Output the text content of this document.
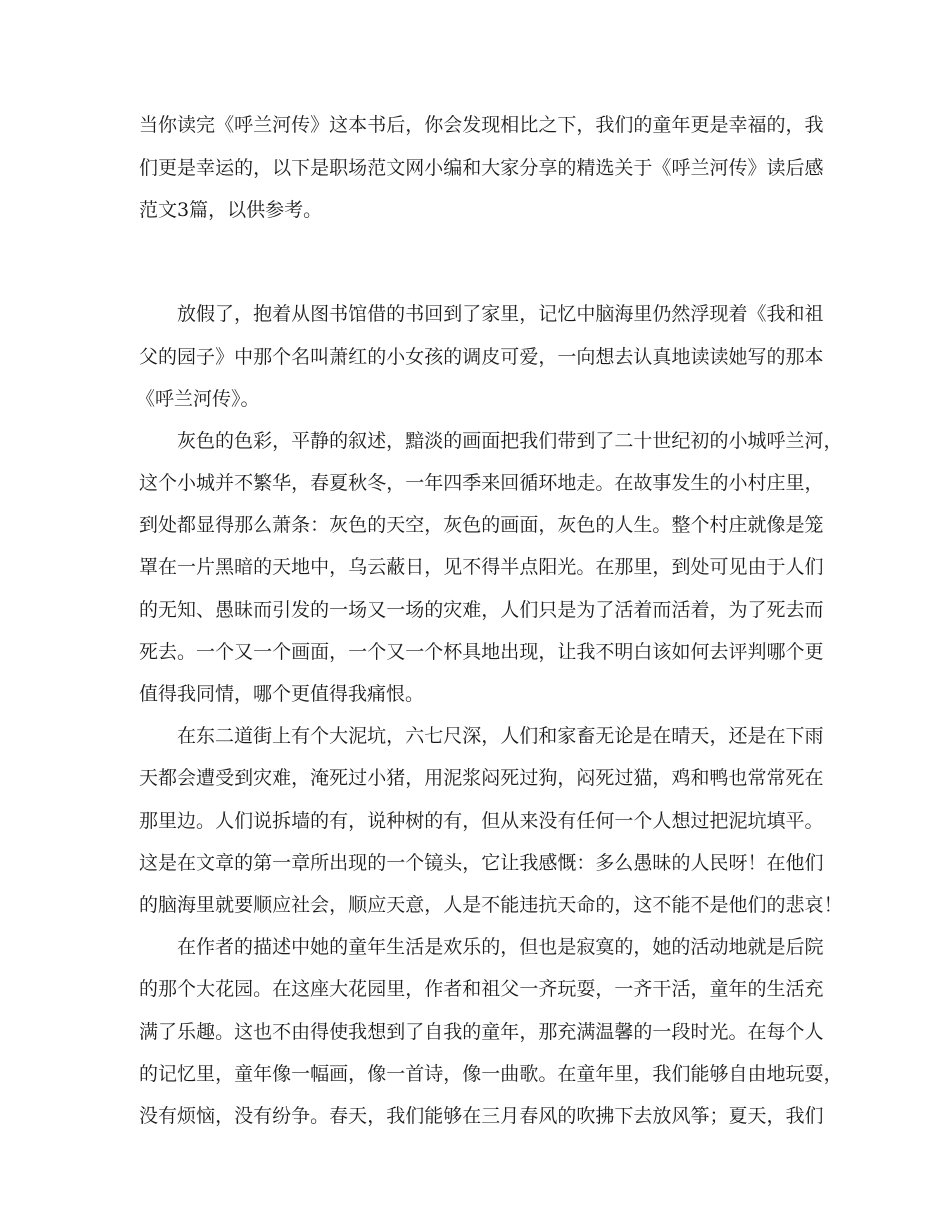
当 你 读 完 《 呼 兰 河 传 》 这 本 书 后 ， 你 会 发 现 相 比 之 下 ， 我 们 的 童 年 更 是 幸 福 的 ， 我
们 更 是 幸 运 的 ， 以 下 是 职 场 范 文 网 小 编 和 大 家 分 享 的 精 选 关 于 《 呼 兰 河 传 》 读 后 感
范文3篇，以供参考。
放 假 了 ， 抱 着 从 图 书 馆 借 的 书 回 到 了 家 里 ， 记 忆 中 脑 海 里 仍 然 浮 现 着 《 我 和 祖
父 的 园 子 》 中 那 个 名 叫 萧 红 的 小 女 孩 的 调 皮 可 爱 ， 一 向 想 去 认 真 地 读 读 她 写 的 那 本
《呼兰河传》。
灰 色 的 色 彩 ， 平 静 的 叙 述 ， 黯 淡 的 画 面 把 我 们 带 到 了 二 十 世 纪 初 的 小 城 呼 兰 河 ，
这 个 小 城 并 不 繁 华 ， 春 夏 秋 冬 ， 一 年 四 季 来 回 循 环 地 走 。 在 故 事 发 生 的 小 村 庄 里 ，
到 处 都 显 得 那 么 萧 条 ： 灰 色 的 天 空 ， 灰 色 的 画 面 ， 灰 色 的 人 生 。 整 个 村 庄 就 像 是 笼
罩 在 一 片 黑 暗 的 天 地 中 ， 乌 云 蔽 日 ， 见 不 得 半 点 阳 光 。 在 那 里 ， 到 处 可 见 由 于 人 们
的 无 知 、 愚 昧 而 引 发 的 一 场 又 一 场 的 灾 难 ， 人 们 只 是 为 了 活 着 而 活 着 ， 为 了 死 去 而
死 去 。 一 个 又 一 个 画 面 ， 一 个 又 一 个 杯 具 地 出 现 ， 让 我 不 明 白 该 如 何 去 评 判 哪 个 更
值得我同情，哪个更值得我痛恨。
在 东 二 道 街 上 有 个 大 泥 坑 ， 六 七 尺 深 ， 人 们 和 家 畜 无 论 是 在 晴 天 ， 还 是 在 下 雨
天 都 会 遭 受 到 灾 难 ， 淹 死 过 小 猪 ， 用 泥 浆 闷 死 过 狗 ， 闷 死 过 猫 ， 鸡 和 鸭 也 常 常 死 在
那 里 边 。 人 们 说 拆 墙 的 有 ， 说 种 树 的 有 ， 但 从 来 没 有 任 何 一 个 人 想 过 把 泥 坑 填 平 。
这 是 在 文 章 的 第 一 章 所 出 现 的 一 个 镜 头 ， 它 让 我 感 慨 ： 多 么 愚 昧 的 人 民 呀 ！ 在 他 们
的 脑 海 里 就 要 顺 应 社 会 ， 顺 应 天 意 ， 人 是 不 能 违 抗 天 命 的 ， 这 不 能 不 是 他 们 的 悲 哀 ！
在 作 者 的 描 述 中 她 的 童 年 生 活 是 欢 乐 的 ， 但 也 是 寂 寞 的 ， 她 的 活 动 地 就 是 后 院
的 那 个 大 花 园 。 在 这 座 大 花 园 里 ， 作 者 和 祖 父 一 齐 玩 耍 ， 一 齐 干 活 ， 童 年 的 生 活 充
满 了 乐 趣 。 这 也 不 由 得 使 我 想 到 了 自 我 的 童 年 ， 那 充 满 温 馨 的 一 段 时 光 。 在 每 个 人
的 记 忆 里 ， 童 年 像 一 幅 画 ， 像 一 首 诗 ， 像 一 曲 歌 。 在 童 年 里 ， 我 们 能 够 自 由 地 玩 耍 ，
没 有 烦 恼 ， 没 有 纷 争 。 春 天 ， 我 们 能 够 在 三 月 春 风 的 吹 拂 下 去 放 风 筝 ； 夏 天 ， 我 们
